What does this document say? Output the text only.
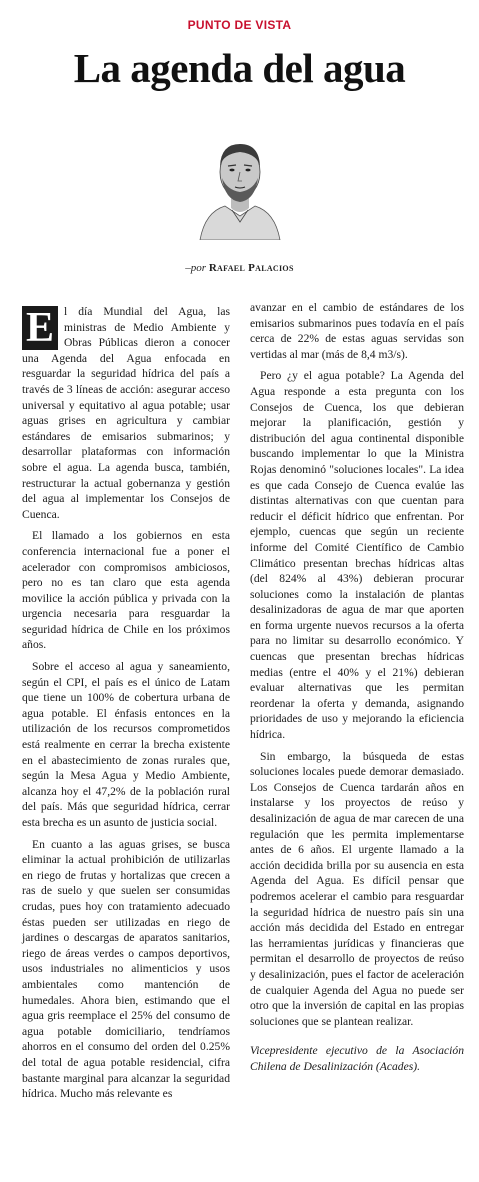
PUNTO DE VISTA
La agenda del agua
–por Rafael Palacios

E l día Mundial del Agua, las ministras de Medio Ambiente y Obras Públicas dieron a conocer una Agenda del Agua enfocada en resguardar la seguridad hídrica del país a través de 3 líneas de acción: asegurar acceso universal y equitativo al agua potable; usar aguas grises en agricultura y cambiar estándares de emisarios submarinos; y desarrollar plataformas con información sobre el agua. La agenda busca, también, restructurar la actual gobernanza y gestión del agua al implementar los Consejos de Cuenca.

El llamado a los gobiernos en esta conferencia internacional fue a poner el acelerador con compromisos ambiciosos, pero no es tan claro que esta agenda movilice la acción pública y privada con la urgencia necesaria para resguardar la seguridad hídrica de Chile en los próximos años.

Sobre el acceso al agua y saneamiento, según el CPI, el país es el único de Latam que tiene un 100% de cobertura urbana de agua potable. El énfasis entonces en la utilización de los recursos comprometidos está realmente en cerrar la brecha existente en el abastecimiento de zonas rurales que, según la Mesa Agua y Medio Ambiente, alcanza hoy el 47,2% de la población rural del país. Más que seguridad hídrica, cerrar esta brecha es un asunto de justicia social.

En cuanto a las aguas grises, se busca eliminar la actual prohibición de utilizarlas en riego de frutas y hortalizas que crecen a ras de suelo y que suelen ser consumidas crudas, pues hoy con tratamiento adecuado éstas pueden ser utilizadas en riego de jardines o descargas de aparatos sanitarios, riego de áreas verdes o campos deportivos, usos industriales no alimenticios y usos ambientales como mantención de humedales. Ahora bien, estimando que el agua gris reemplace el 25% del consumo de agua potable domiciliario, tendríamos ahorros en el consumo del orden del 0.25% del total de agua potable residencial, cifra bastante marginal para alcanzar la seguridad hídrica. Mucho más relevante es

avanzar en el cambio de estándares de los emisarios submarinos pues todavía en el país cerca de 22% de estas aguas servidas son vertidas al mar (más de 8,4 m3/s).

Pero ¿y el agua potable? La Agenda del Agua responde a esta pregunta con los Consejos de Cuenca, los que debieran mejorar la planificación, gestión y distribución del agua continental disponible buscando implementar lo que la Ministra Rojas denominó "soluciones locales". La idea es que cada Consejo de Cuenca evalúe las distintas alternativas con que cuentan para reducir el déficit hídrico que enfrentan. Por ejemplo, cuencas que según un reciente informe del Comité Científico de Cambio Climático presentan brechas hídricas altas (del 824% al 43%) debieran procurar soluciones como la instalación de plantas desalinizadoras de agua de mar que aporten en forma urgente nuevos recursos a la oferta para no limitar su desarrollo económico. Y cuencas que presentan brechas hídricas medias (entre el 40% y el 21%) debieran evaluar alternativas que les permitan reordenar la oferta y demanda, asignando prioridades de uso y mejorando la eficiencia hídrica.

Sin embargo, la búsqueda de estas soluciones locales puede demorar demasiado. Los Consejos de Cuenca tardarán años en instalarse y los proyectos de reúso y desalinización de agua de mar carecen de una regulación que les permita implementarse antes de 6 años. El urgente llamado a la acción decidida brilla por su ausencia en esta Agenda del Agua. Es difícil pensar que podremos acelerar el cambio para resguardar la seguridad hídrica de nuestro país sin una acción más decidida del Estado en entregar las herramientas jurídicas y financieras que permitan el desarrollo de proyectos de reúso y desalinización, pues el factor de aceleración de cualquier Agenda del Agua no puede ser otro que la inversión de capital en las propias soluciones que se plantean realizar.

Vicepresidente ejecutivo de la Asociación Chilena de Desalinización (Acades).
